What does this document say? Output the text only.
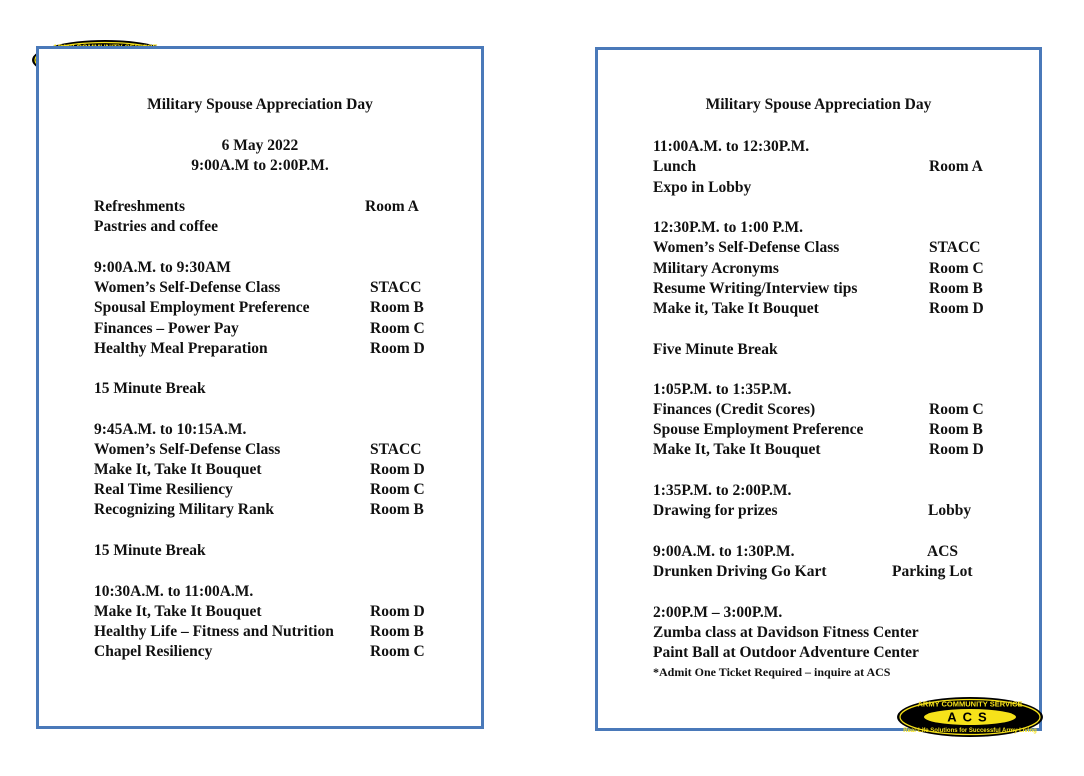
Military Spouse Appreciation Day
6 May 2022
9:00A.M to 2:00P.M.
Refreshments	Room A
Pastries and coffee
9:00A.M. to 9:30AM
Women’s Self-Defense Class	STACC
Spousal Employment Preference	Room B
Finances – Power Pay	Room C
Healthy Meal Preparation	Room D
15 Minute Break
9:45A.M. to 10:15A.M.
Women’s Self-Defense Class	STACC
Make It, Take It Bouquet	Room D
Real Time Resiliency	Room C
Recognizing Military Rank	Room B
15 Minute Break
10:30A.M. to 11:00A.M.
Make It, Take It Bouquet	Room D
Healthy Life – Fitness and Nutrition Room B
Chapel Resiliency	Room C
Military Spouse Appreciation Day
11:00A.M. to 12:30P.M.
Lunch	Room A
Expo in Lobby
12:30P.M. to 1:00 P.M.
Women’s Self-Defense Class	STACC
Military Acronyms	Room C
Resume Writing/Interview tips	Room B
Make it, Take It Bouquet	Room D
Five Minute Break
1:05P.M. to 1:35P.M.
Finances (Credit Scores)	Room C
Spouse Employment Preference	Room B
Make It, Take It Bouquet	Room D
1:35P.M. to 2:00P.M.
Drawing for prizes	Lobby
9:00A.M. to 1:30P.M.	ACS
Drunken Driving Go Kart	Parking Lot
2:00P.M – 3:00P.M.
Zumba class at Davidson Fitness Center
Paint Ball at Outdoor Adventure Center
*Admit One Ticket Required – inquire at ACS
ARMY COMMUNITY SERVICE
ACS
Real-Life Solutions for Successful Army Living
